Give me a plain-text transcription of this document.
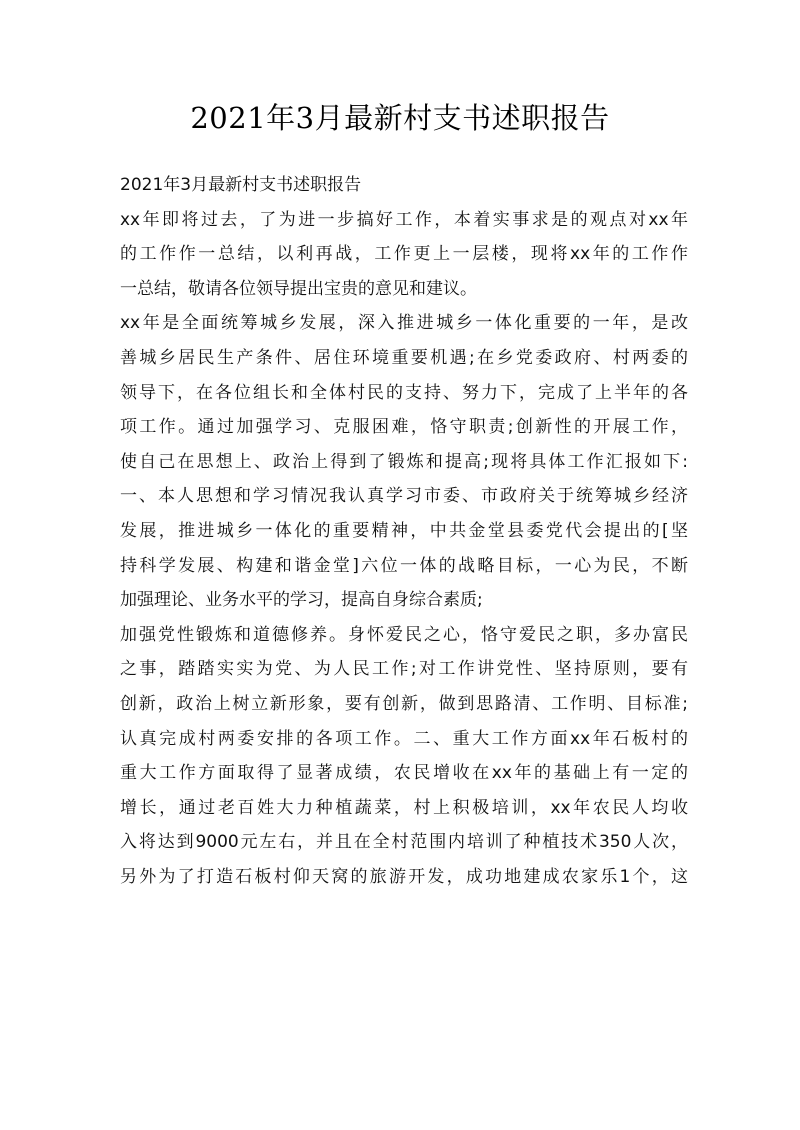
2021年3月最新村支书述职报告
2021年3月最新村支书述职报告
xx年即将过去，了为进一步搞好工作，本着实事求是的观点对xx年
的工作作一总结，以利再战，工作更上一层楼，现将xx年的工作作
一总结，敬请各位领导提出宝贵的意见和建议。
xx年是全面统筹城乡发展，深入推进城乡一体化重要的一年，是改
善城乡居民生产条件、居住环境重要机遇;在乡党委政府、村两委的
领导下，在各位组长和全体村民的支持、努力下，完成了上半年的各
项工作。通过加强学习、克服困难，恪守职责;创新性的开展工作，
使自己在思想上、政治上得到了锻炼和提高;现将具体工作汇报如下:
一、本人思想和学习情况我认真学习市委、市政府关于统筹城乡经济
发展，推进城乡一体化的重要精神，中共金堂县委党代会提出的[坚
持科学发展、构建和谐金堂]六位一体的战略目标，一心为民，不断
加强理论、业务水平的学习，提高自身综合素质;
加强党性锻炼和道德修养。身怀爱民之心，恪守爱民之职，多办富民
之事，踏踏实实为党、为人民工作;对工作讲党性、坚持原则，要有
创新，政治上树立新形象，要有创新，做到思路清、工作明、目标准;
认真完成村两委安排的各项工作。二、重大工作方面xx年石板村的
重大工作方面取得了显著成绩，农民增收在xx年的基础上有一定的
增长，通过老百姓大力种植蔬菜，村上积极培训，xx年农民人均收
入将达到9000元左右，并且在全村范围内培训了种植技术350人次，
另外为了打造石板村仰天窝的旅游开发，成功地建成农家乐1个，这
